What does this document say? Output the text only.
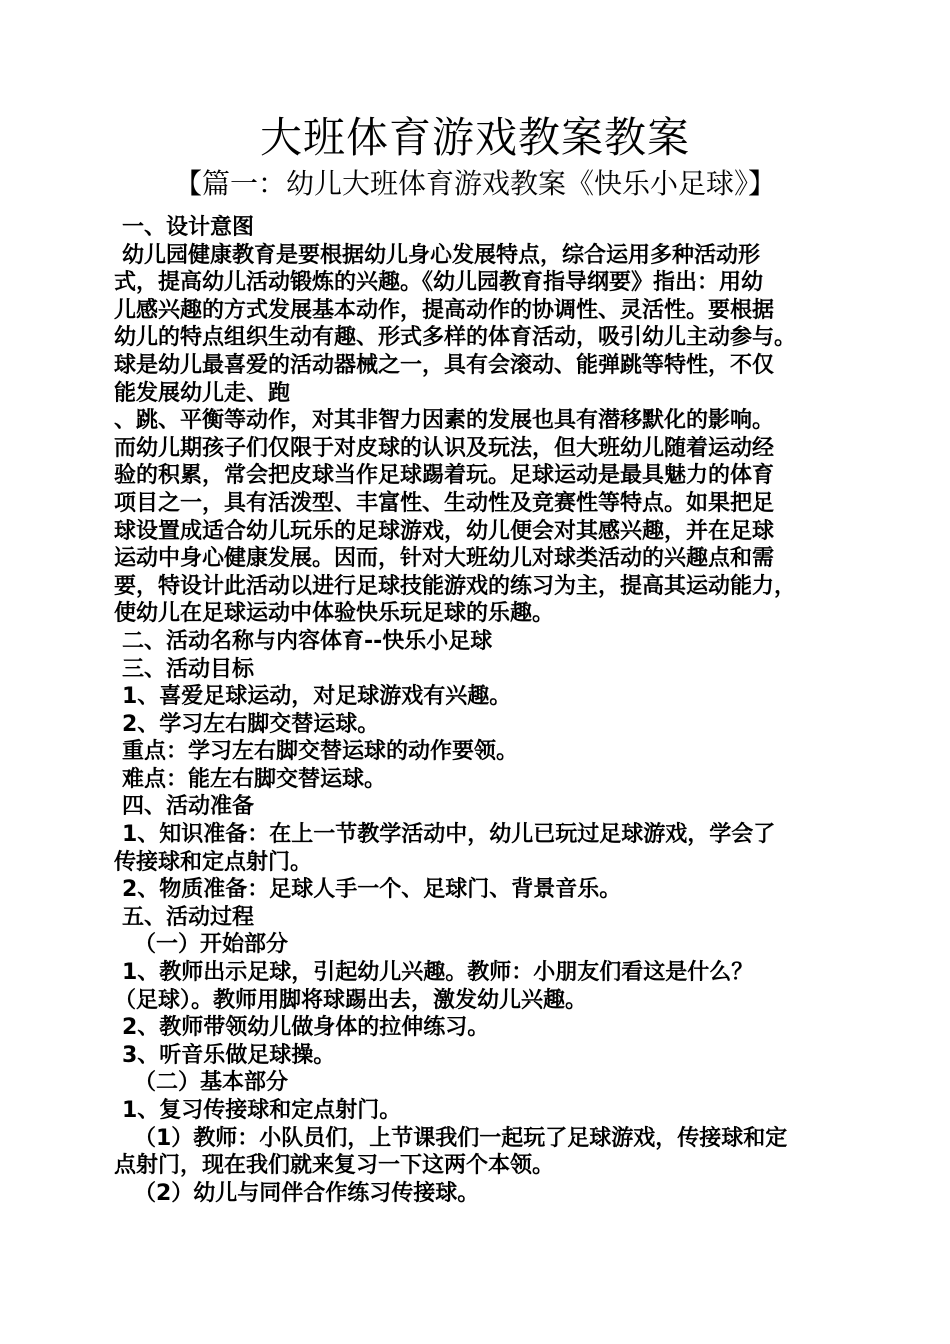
大班体育游戏教案教案
【篇一：幼儿大班体育游戏教案《快乐小足球》】

一、设计意图

幼儿园健康教育是要根据幼儿身心发展特点，综合运用多种活动形

式，提高幼儿活动锻炼的兴趣。《幼儿园教育指导纲要》指出：用幼

儿感兴趣的方式发展基本动作，提高动作的协调性、灵活性。要根据

幼儿的特点组织生动有趣、形式多样的体育活动，吸引幼儿主动参与。

球是幼儿最喜爱的活动器械之一，具有会滚动、能弹跳等特性，不仅

能发展幼儿走、跑

、跳、平衡等动作，对其非智力因素的发展也具有潜移默化的影响。

而幼儿期孩子们仅限于对皮球的认识及玩法，但大班幼儿随着运动经

验的积累，常会把皮球当作足球踢着玩。足球运动是最具魅力的体育

项目之一，具有活泼型、丰富性、生动性及竞赛性等特点。如果把足

球设置成适合幼儿玩乐的足球游戏，幼儿便会对其感兴趣，并在足球

运动中身心健康发展。因而，针对大班幼儿对球类活动的兴趣点和需

要，特设计此活动以进行足球技能游戏的练习为主，提高其运动能力，

使幼儿在足球运动中体验快乐玩足球的乐趣。

二、活动名称与内容体育--快乐小足球

三、活动目标

1、喜爱足球运动，对足球游戏有兴趣。

2、学习左右脚交替运球。

重点：学习左右脚交替运球的动作要领。

难点：能左右脚交替运球。

四、活动准备

1、知识准备：在上一节教学活动中，幼儿已玩过足球游戏，学会了

传接球和定点射门。

2、物质准备：足球人手一个、足球门、背景音乐。

五、活动过程

（一）开始部分

1、教师出示足球，引起幼儿兴趣。教师：小朋友们看这是什么？

（足球）。教师用脚将球踢出去，激发幼儿兴趣。

2、教师带领幼儿做身体的拉伸练习。

3、听音乐做足球操。

（二）基本部分

1、复习传接球和定点射门。

（1）教师：小队员们，上节课我们一起玩了足球游戏，传接球和定

点射门，现在我们就来复习一下这两个本领。

（2）幼儿与同伴合作练习传接球。
